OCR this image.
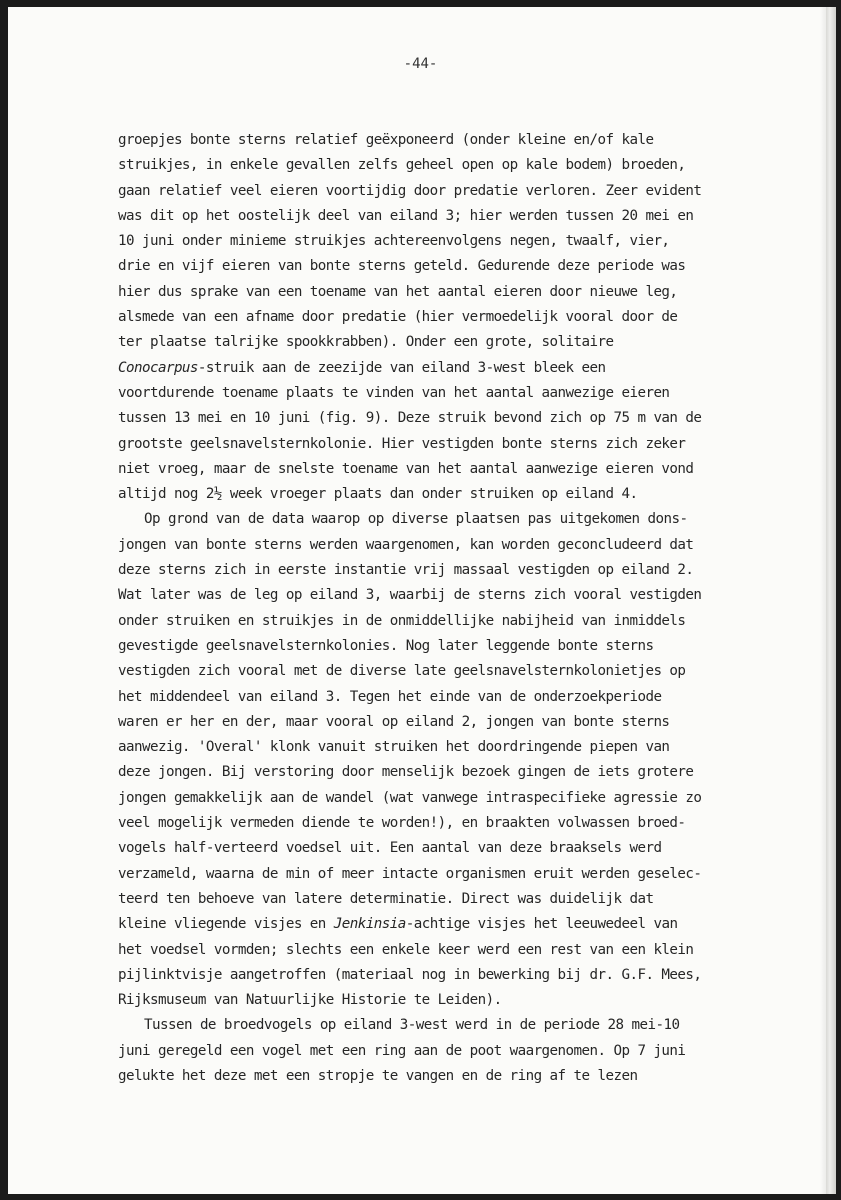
-44-
groepjes bonte sterns relatief geëxponeerd (onder kleine en/of kale
struikjes, in enkele gevallen zelfs geheel open op kale bodem) broeden,
gaan relatief veel eieren voortijdig door predatie verloren. Zeer evident
was dit op het oostelijk deel van eiland 3; hier werden tussen 20 mei en
10 juni onder minieme struikjes achtereenvolgens negen, twaalf, vier,
drie en vijf eieren van bonte sterns geteld. Gedurende deze periode was
hier dus sprake van een toename van het aantal eieren door nieuwe leg,
alsmede van een afname door predatie (hier vermoedelijk vooral door de
ter plaatse talrijke spookkrabben). Onder een grote, solitaire
Conocarpus-struik aan de zeezijde van eiland 3-west bleek een
voortdurende toename plaats te vinden van het aantal aanwezige eieren
tussen 13 mei en 10 juni (fig. 9). Deze struik bevond zich op 75 m van de
grootste geelsnavelsternkolonie. Hier vestigden bonte sterns zich zeker
niet vroeg, maar de snelste toename van het aantal aanwezige eieren vond
altijd nog 2½ week vroeger plaats dan onder struiken op eiland 4.
Op grond van de data waarop op diverse plaatsen pas uitgekomen dons-
jongen van bonte sterns werden waargenomen, kan worden geconcludeerd dat
deze sterns zich in eerste instantie vrij massaal vestigden op eiland 2.
Wat later was de leg op eiland 3, waarbij de sterns zich vooral vestigden
onder struiken en struikjes in de onmiddellijke nabijheid van inmiddels
gevestigde geelsnavelsternkolonies. Nog later leggende bonte sterns
vestigden zich vooral met de diverse late geelsnavelsternkolonietjes op
het middendeel van eiland 3. Tegen het einde van de onderzoekperiode
waren er her en der, maar vooral op eiland 2, jongen van bonte sterns
aanwezig. 'Overal' klonk vanuit struiken het doordringende piepen van
deze jongen. Bij verstoring door menselijk bezoek gingen de iets grotere
jongen gemakkelijk aan de wandel (wat vanwege intraspecifieke agressie zo
veel mogelijk vermeden diende te worden!), en braakten volwassen broed-
vogels half-verteerd voedsel uit. Een aantal van deze braaksels werd
verzameld, waarna de min of meer intacte organismen eruit werden geselec-
teerd ten behoeve van latere determinatie. Direct was duidelijk dat
kleine vliegende visjes en Jenkinsia-achtige visjes het leeuwedeel van
het voedsel vormden; slechts een enkele keer werd een rest van een klein
pijlinktvisje aangetroffen (materiaal nog in bewerking bij dr. G.F. Mees,
Rijksmuseum van Natuurlijke Historie te Leiden).
Tussen de broedvogels op eiland 3-west werd in de periode 28 mei-10
juni geregeld een vogel met een ring aan de poot waargenomen. Op 7 juni
gelukte het deze met een stropje te vangen en de ring af te lezen
